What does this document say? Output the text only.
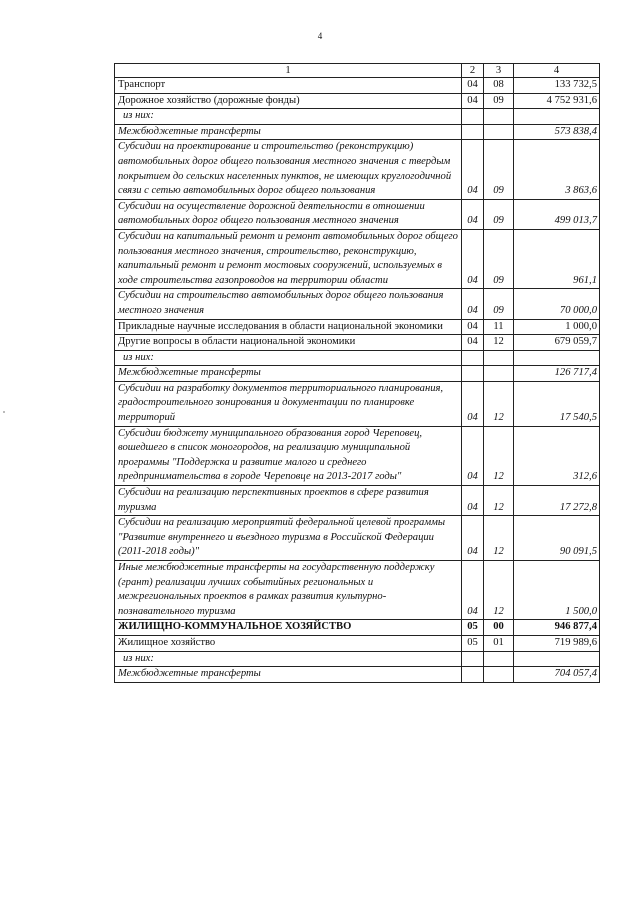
4
1	2	3	4
Транспорт	04	08	133 732,5
Дорожное хозяйство (дорожные фонды)	04	09	4 752 931,6
из них:			
Межбюджетные трансферты			573 838,4
Субсидии на проектирование и строительство (реконструкцию) автомобильных дорог общего пользования местного значения с твердым покрытием до сельских населенных пунктов, не имеющих круглогодичной связи с сетью автомобильных дорог общего пользования	04	09	3 863,6
Субсидии на осуществление дорожной деятельности в отношении автомобильных дорог общего пользования местного значения	04	09	499 013,7
Субсидии на капитальный ремонт и ремонт автомобильных дорог общего пользования местного значения, строительство, реконструкцию, капитальный ремонт и ремонт мостовых сооружений, используемых в ходе строительства газопроводов на территории области	04	09	961,1
Субсидии на строительство автомобильных дорог общего пользования местного значения	04	09	70 000,0
Прикладные научные исследования в области национальной экономики	04	11	1 000,0
Другие вопросы в области национальной экономики	04	12	679 059,7
из них:			
Межбюджетные трансферты			126 717,4
Субсидии на разработку документов территориального планирования, градостроительного зонирования и документации по планировке территорий	04	12	17 540,5
Субсидии бюджету муниципального образования город Череповец, вошедшего в список моногородов, на реализацию муниципальной программы "Поддержка и развитие малого и среднего предпринимательства в городе Череповце на 2013-2017 годы"	04	12	312,6
Субсидии на реализацию перспективных проектов в сфере развития туризма	04	12	17 272,8
Субсидии на реализацию мероприятий федеральной целевой программы "Развитие внутреннего и въездного туризма в Российской Федерации (2011-2018 годы)"	04	12	90 091,5
Иные межбюджетные трансферты на государственную поддержку (грант) реализации лучших событийных региональных и межрегиональных проектов в рамках развития культурно-познавательного туризма	04	12	1 500,0
ЖИЛИЩНО-КОММУНАЛЬНОЕ ХОЗЯЙСТВО	05	00	946 877,4
Жилищное хозяйство	05	01	719 989,6
из них:			
Межбюджетные трансферты			704 057,4
